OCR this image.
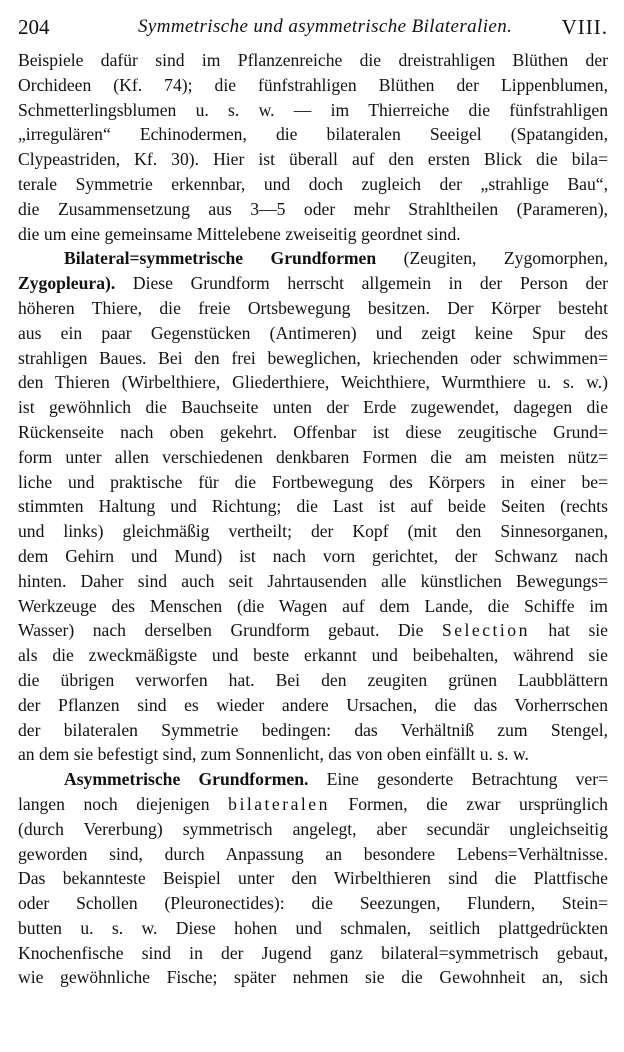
204	Symmetrische und asymmetrische Bilateralien. VIII.
Beispiele dafür sind im Pflanzenreiche die dreistrahligen Blüthen der
Orchideen (Kf. 74); die fünfstrahligen Blüthen der Lippenblumen,
Schmetterlingsblumen u. s. w. — im Thierreiche die fünfstrahligen
„irregulären“ Echinodermen, die bilateralen Seeigel (Spatangiden,
Clypeastriden, Kf. 30). Hier ist überall auf den ersten Blick die bila=
terale Symmetrie erkennbar, und doch zugleich der „strahlige Bau“,
die Zusammensetzung aus 3—5 oder mehr Strahltheilen (Parameren),
die um eine gemeinsame Mittelebene zweiseitig geordnet sind.
Bilateral=symmetrische Grundformen (Zeugiten, Zygomorphen,
Zygopleura). Diese Grundform herrscht allgemein in der Person der
höheren Thiere, die freie Ortsbewegung besitzen. Der Körper besteht
aus ein paar Gegenstücken (Antimeren) und zeigt keine Spur des
strahligen Baues. Bei den frei beweglichen, kriechenden oder schwimmen=
den Thieren (Wirbelthiere, Gliederthiere, Weichthiere, Wurmthiere u. s. w.)
ist gewöhnlich die Bauchseite unten der Erde zugewendet, dagegen die
Rückenseite nach oben gekehrt. Offenbar ist diese zeugitische Grund=
form unter allen verschiedenen denkbaren Formen die am meisten nütz=
liche und praktische für die Fortbewegung des Körpers in einer be=
stimmten Haltung und Richtung; die Last ist auf beide Seiten (rechts
und links) gleichmäßig vertheilt; der Kopf (mit den Sinnesorganen,
dem Gehirn und Mund) ist nach vorn gerichtet, der Schwanz nach
hinten. Daher sind auch seit Jahrtausenden alle künstlichen Bewegungs=
Werkzeuge des Menschen (die Wagen auf dem Lande, die Schiffe im
Wasser) nach derselben Grundform gebaut. Die Selection hat sie
als die zweckmäßigste und beste erkannt und beibehalten, während sie
die übrigen verworfen hat. Bei den zeugiten grünen Laubblättern
der Pflanzen sind es wieder andere Ursachen, die das Vorherrschen
der bilateralen Symmetrie bedingen: das Verhältniß zum Stengel,
an dem sie befestigt sind, zum Sonnenlicht, das von oben einfällt u. s. w.
Asymmetrische Grundformen. Eine gesonderte Betrachtung ver=
langen noch diejenigen bilateralen Formen, die zwar ursprünglich
(durch Vererbung) symmetrisch angelegt, aber secundär ungleichseitig
geworden sind, durch Anpassung an besondere Lebens=Verhältnisse.
Das bekannteste Beispiel unter den Wirbelthieren sind die Plattfische
oder Schollen (Pleuronectides): die Seezungen, Flundern, Stein=
butten u. s. w. Diese hohen und schmalen, seitlich plattgedrückten
Knochenfische sind in der Jugend ganz bilateral=symmetrisch gebaut,
wie gewöhnliche Fische; später nehmen sie die Gewohnheit an, sich
